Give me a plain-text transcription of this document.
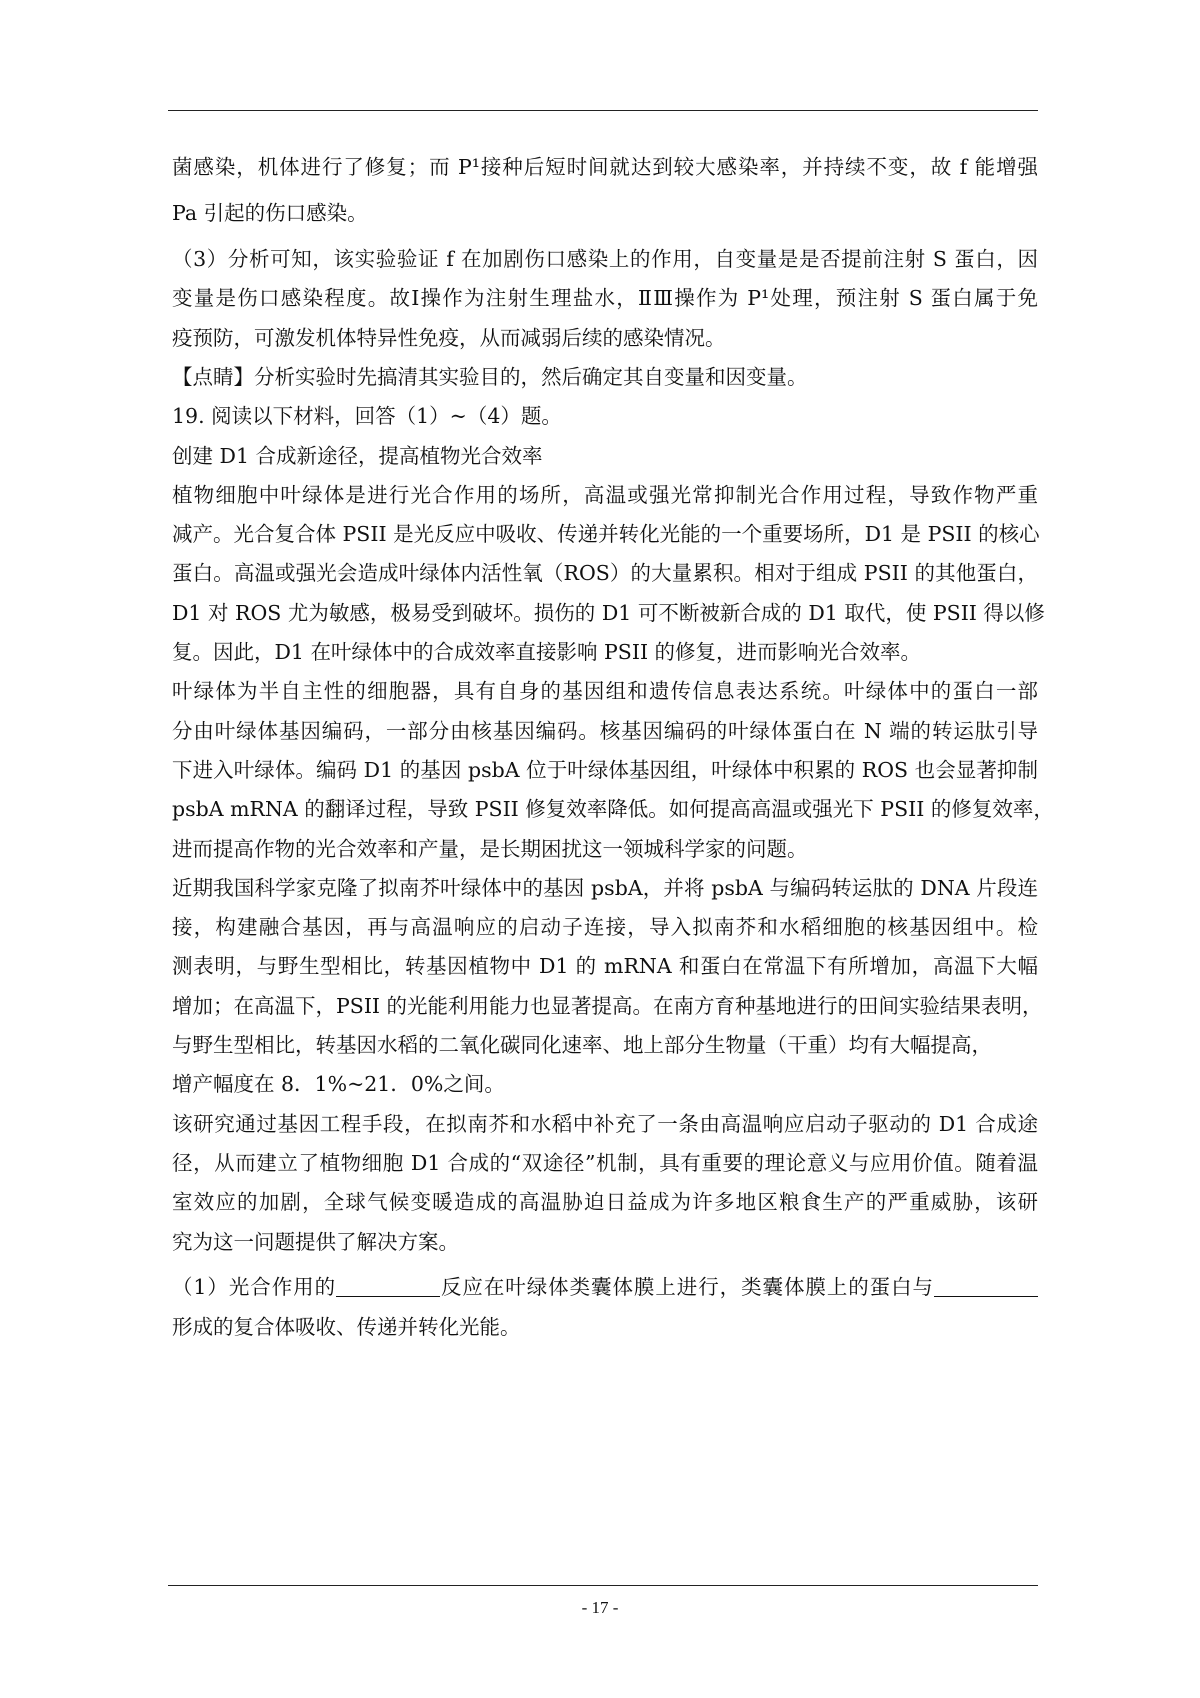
菌感染，机体进行了修复；而 P¹接种后短时间就达到较大感染率，并持续不变，故 f 能增强
Pa 引起的伤口感染。
（3）分析可知，该实验验证 f 在加剧伤口感染上的作用，自变量是是否提前注射 S 蛋白，因
变量是伤口感染程度。故Ⅰ操作为注射生理盐水，ⅡⅢ操作为 P¹处理，预注射 S 蛋白属于免
疫预防，可激发机体特异性免疫，从而减弱后续的感染情况。
【点睛】分析实验时先搞清其实验目的，然后确定其自变量和因变量。
19. 阅读以下材料，回答（1）~（4）题。
创建 D1 合成新途径，提高植物光合效率
植物细胞中叶绿体是进行光合作用的场所，高温或强光常抑制光合作用过程，导致作物严重
减产。光合复合体 PSII 是光反应中吸收、传递并转化光能的一个重要场所，D1 是 PSII 的核心
蛋白。高温或强光会造成叶绿体内活性氧（ROS）的大量累积。相对于组成 PSII 的其他蛋白，
D1 对 ROS 尤为敏感，极易受到破坏。损伤的 D1 可不断被新合成的 D1 取代，使 PSII 得以修
复。因此，D1 在叶绿体中的合成效率直接影响 PSII 的修复，进而影响光合效率。
叶绿体为半自主性的细胞器，具有自身的基因组和遗传信息表达系统。叶绿体中的蛋白一部
分由叶绿体基因编码，一部分由核基因编码。核基因编码的叶绿体蛋白在 N 端的转运肽引导
下进入叶绿体。编码 D1 的基因 psbA 位于叶绿体基因组，叶绿体中积累的 ROS 也会显著抑制
psbA mRNA 的翻译过程，导致 PSII 修复效率降低。如何提高高温或强光下 PSII 的修复效率，
进而提高作物的光合效率和产量，是长期困扰这一领城科学家的问题。
近期我国科学家克隆了拟南芥叶绿体中的基因 psbA，并将 psbA 与编码转运肽的 DNA 片段连
接，构建融合基因，再与高温响应的启动子连接，导入拟南芥和水稻细胞的核基因组中。检
测表明，与野生型相比，转基因植物中 D1 的 mRNA 和蛋白在常温下有所增加，高温下大幅
增加；在高温下，PSII 的光能利用能力也显著提高。在南方育种基地进行的田间实验结果表明，
与野生型相比，转基因水稻的二氧化碳同化速率、地上部分生物量（干重）均有大幅提高，
增产幅度在 8．1%~21．0%之间。
该研究通过基因工程手段，在拟南芥和水稻中补充了一条由高温响应启动子驱动的 D1 合成途
径，从而建立了植物细胞 D1 合成的“双途径”机制，具有重要的理论意义与应用价值。随着温
室效应的加剧，全球气候变暖造成的高温胁迫日益成为许多地区粮食生产的严重威胁，该研
究为这一问题提供了解决方案。
（1）光合作用的	反应在叶绿体类囊体膜上进行，类囊体膜上的蛋白与
形成的复合体吸收、传递并转化光能。
- 17 -
